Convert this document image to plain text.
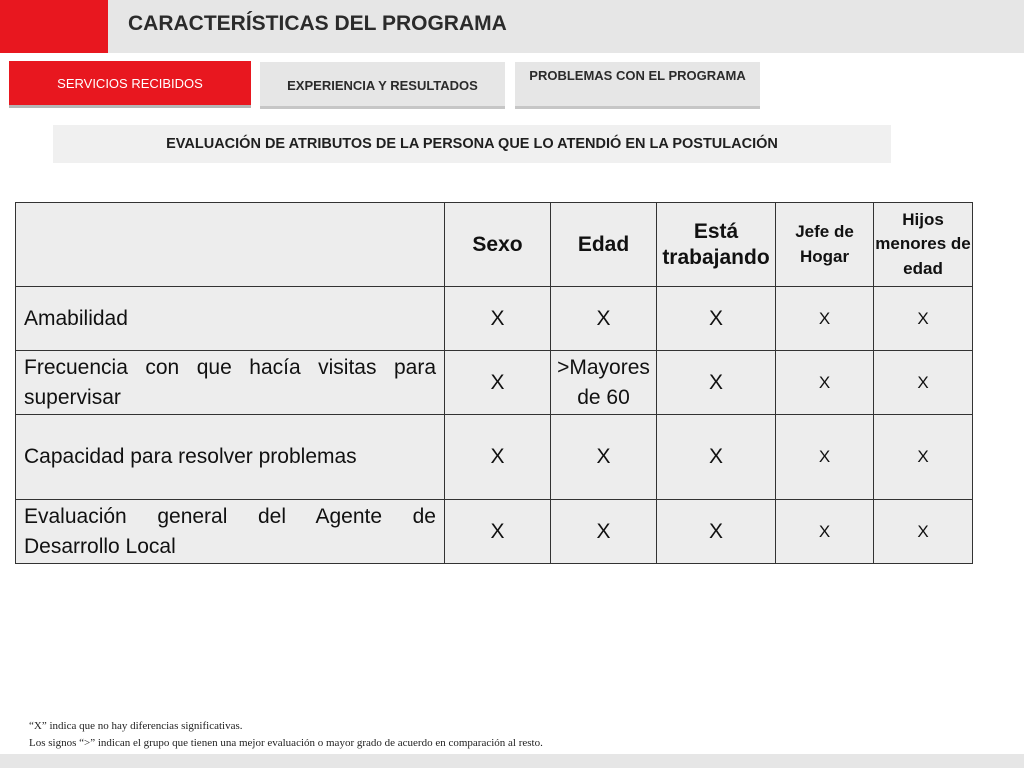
CARACTERÍSTICAS DEL PROGRAMA
SERVICIOS RECIBIDOS	EXPERIENCIA Y RESULTADOS
PROBLEMAS CON EL PROGRAMA
EVALUACIÓN DE ATRIBUTOS DE LA PERSONA QUE LO ATENDIÓ EN LA POSTULACIÓN
	Sexo	Edad	Está trabajando	Jefe de Hogar	Hijos menores de edad
Amabilidad	X	X	X	X	X
Frecuencia con que hacía visitas para supervisar	X	>Mayores de 60	X	X	X
Capacidad para resolver problemas	X	X	X	X	X
Evaluación general del Agente de Desarrollo Local	X	X	X	X	X
“X” indica que no hay diferencias significativas.
Los signos “>” indican el grupo que tienen una mejor evaluación o mayor grado de acuerdo en comparación al resto.
